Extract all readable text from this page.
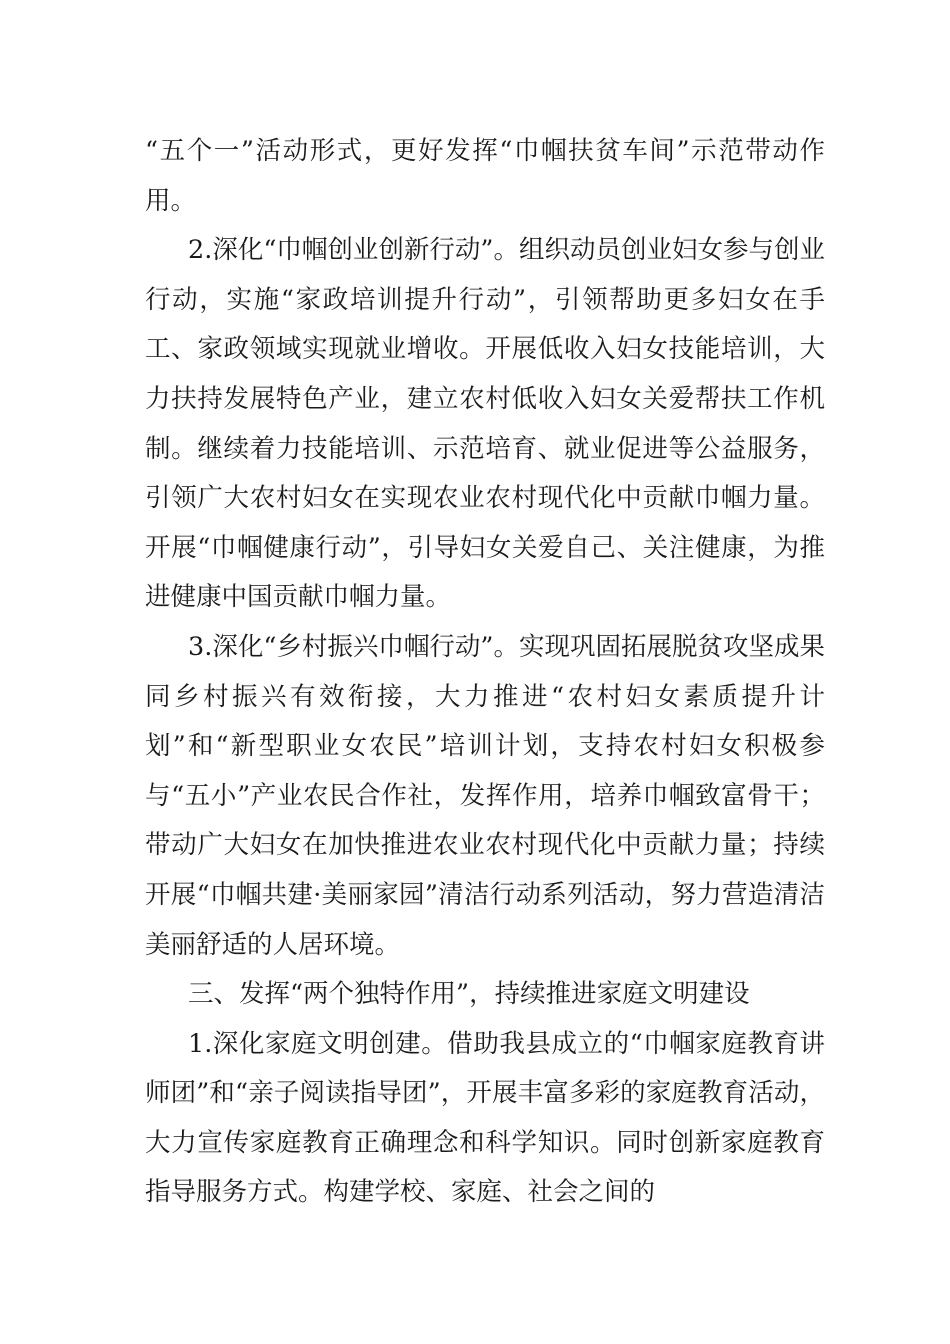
“五个一”活动形式，更好发挥“巾帼扶贫车间”示范带动作用。

2.深化“巾帼创业创新行动”。组织动员创业妇女参与创业行动，实施“家政培训提升行动”，引领帮助更多妇女在手工、家政领域实现就业增收。开展低收入妇女技能培训，大力扶持发展特色产业，建立农村低收入妇女关爱帮扶工作机制。继续着力技能培训、示范培育、就业促进等公益服务，引领广大农村妇女在实现农业农村现代化中贡献巾帼力量。开展“巾帼健康行动”，引导妇女关爱自己、关注健康，为推进健康中国贡献巾帼力量。

3.深化“乡村振兴巾帼行动”。实现巩固拓展脱贫攻坚成果同乡村振兴有效衔接，大力推进“农村妇女素质提升计划”和“新型职业女农民”培训计划，支持农村妇女积极参与“五小”产业农民合作社，发挥作用，培养巾帼致富骨干；带动广大妇女在加快推进农业农村现代化中贡献力量；持续开展“巾帼共建·美丽家园”清洁行动系列活动，努力营造清洁美丽舒适的人居环境。

三、发挥“两个独特作用”，持续推进家庭文明建设

1.深化家庭文明创建。借助我县成立的“巾帼家庭教育讲师团”和“亲子阅读指导团”，开展丰富多彩的家庭教育活动，大力宣传家庭教育正确理念和科学知识。同时创新家庭教育指导服务方式。构建学校、家庭、社会之间的
